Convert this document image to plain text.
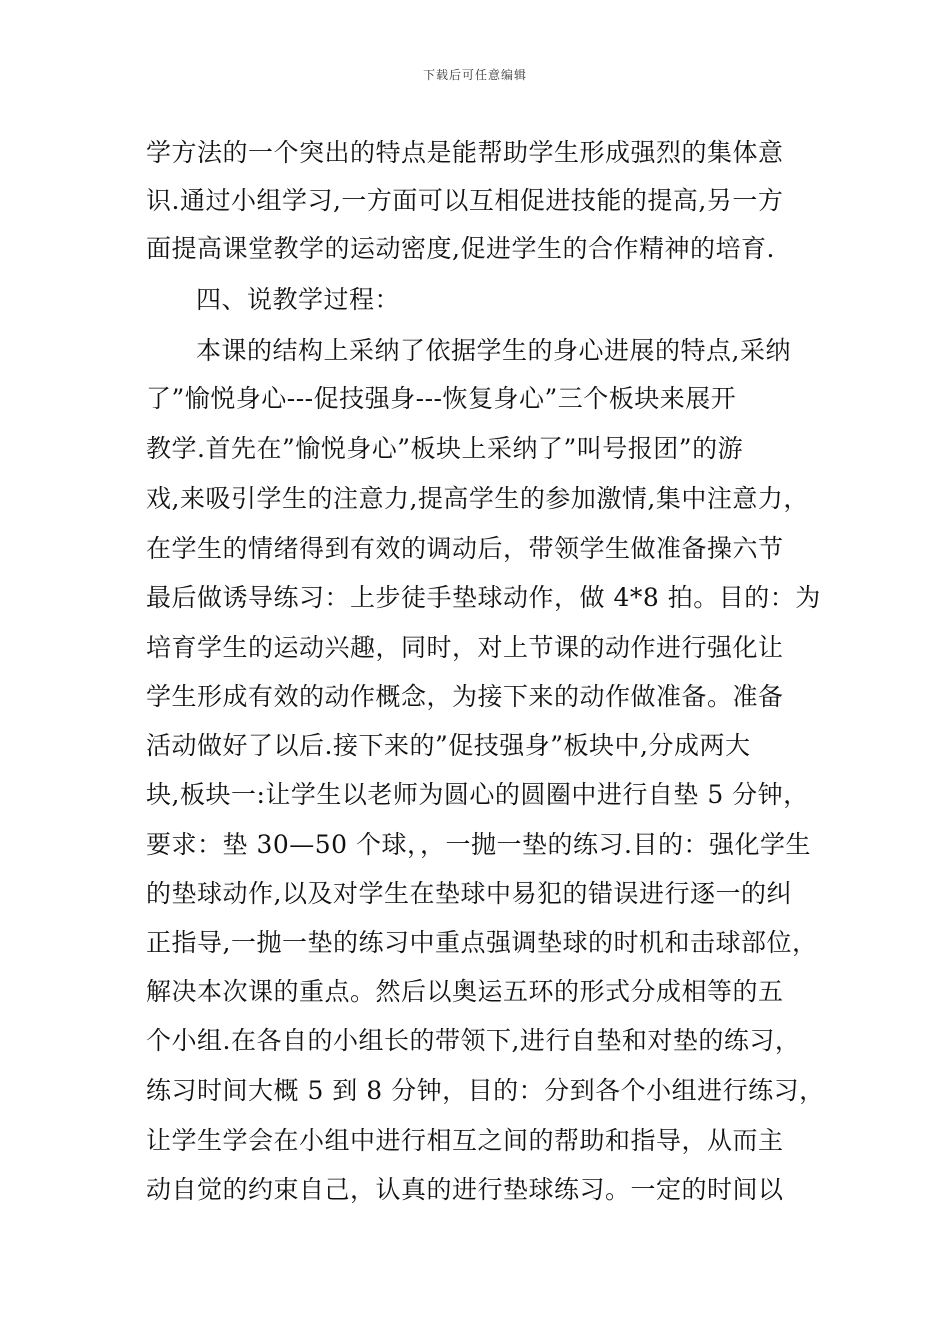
下载后可任意编辑
学方法的一个突出的特点是能帮助学生形成强烈的集体意
识.通过小组学习,一方面可以互相促进技能的提高,另一方
面提高课堂教学的运动密度,促进学生的合作精神的培育.
四、说教学过程：
本课的结构上采纳了依据学生的身心进展的特点,采纳
了”愉悦身心---促技强身---恢复身心”三个板块来展开
教学.首先在”愉悦身心”板块上采纳了”叫号报团”的游
戏,来吸引学生的注意力,提高学生的参加激情,集中注意力，
在学生的情绪得到有效的调动后，带领学生做准备操六节
最后做诱导练习：上步徒手垫球动作，做 4*8 拍。目的：为
培育学生的运动兴趣，同时，对上节课的动作进行强化让
学生形成有效的动作概念，为接下来的动作做准备。准备
活动做好了以后.接下来的”促技强身”板块中,分成两大
块,板块一:让学生以老师为圆心的圆圈中进行自垫 5 分钟，
要求：垫 30—50 个球，，一抛一垫的练习.目的：强化学生
的垫球动作,以及对学生在垫球中易犯的错误进行逐一的纠
正指导,一抛一垫的练习中重点强调垫球的时机和击球部位，
解决本次课的重点。然后以奥运五环的形式分成相等的五
个小组.在各自的小组长的带领下,进行自垫和对垫的练习，
练习时间大概 5 到 8 分钟，目的：分到各个小组进行练习，
让学生学会在小组中进行相互之间的帮助和指导，从而主
动自觉的约束自己，认真的进行垫球练习。一定的时间以
